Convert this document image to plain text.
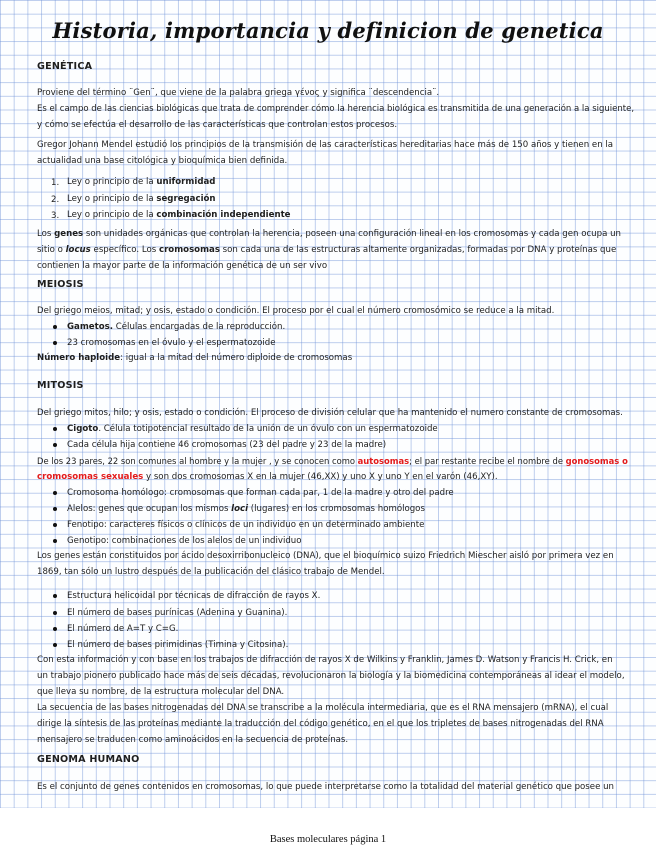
Historia, importancia y definicion de genetica
GENÉTICA
Proviene del término ¨Gen¨, que viene de la palabra griega γένος y significa ¨descendencia¨.
Es el campo de las ciencias biológicas que trata de comprender cómo la herencia biológica es transmitida de una generación a la siguiente,
y cómo se efectúa el desarrollo de las características que controlan estos procesos.
Gregor Johann Mendel estudió los principios de la transmisión de las características hereditarias hace más de 150 años y tienen en la
actualidad una base citológica y bioquímica bien definida.
1. Ley o principio de la uniformidad
2. Ley o principio de la segregación
3. Ley o principio de la combinación independiente
Los genes son unidades orgánicas que controlan la herencia, poseen una configuración lineal en los cromosomas y cada gen ocupa un
sitio o locus específico. Los cromosomas son cada una de las estructuras altamente organizadas, formadas por DNA y proteínas que
contienen la mayor parte de la información genética de un ser vivo
MEIOSIS
Del griego meios, mitad; y osis, estado o condición. El proceso por el cual el número cromosómico se reduce a la mitad.
Gametos. Células encargadas de la reproducción.
23 cromosomas en el óvulo y el espermatozoide
Número haploide: igual a la mitad del número diploide de cromosomas
MITOSIS
Del griego mitos, hilo; y osis, estado o condición. El proceso de división celular que ha mantenido el numero constante de cromosomas.
Cigoto. Célula totipotencial resultado de la unión de un óvulo con un espermatozoide
Cada célula hija contiene 46 cromosomas (23 del padre y 23 de la madre)
De los 23 pares, 22 son comunes al hombre y la mujer , y se conocen como autosomas; el par restante recibe el nombre de gonosomas o
cromosomas sexuales y son dos cromosomas X en la mujer (46,XX) y uno X y uno Y en el varón (46,XY).
Cromosoma homólogo: cromosomas que forman cada par, 1 de la madre y otro del padre
Alelos: genes que ocupan los mismos loci (lugares) en los cromosomas homólogos
Fenotipo: caracteres físicos o clínicos de un individuo en un determinado ambiente
Genotipo: combinaciones de los alelos de un individuo
Los genes están constituidos por ácido desoxirribonucleico (DNA), que el bioquímico suizo Friedrich Miescher aisló por primera vez en
1869, tan sólo un lustro después de la publicación del clásico trabajo de Mendel.
Estructura helicoidal por técnicas de difracción de rayos X.
El número de bases purínicas (Adenina y Guanina).
El número de A=T y C=G.
El número de bases pirimidinas (Timina y Citosina).
Con esta información y con base en los trabajos de difracción de rayos X de Wilkins y Franklin, James D. Watson y Francis H. Crick, en
un trabajo pionero publicado hace más de seis décadas, revolucionaron la biología y la biomedicina contemporáneas al idear el modelo,
que lleva su nombre, de la estructura molecular del DNA.
La secuencia de las bases nitrogenadas del DNA se transcribe a la molécula intermediaria, que es el RNA mensajero (mRNA), el cual
dirige la síntesis de las proteínas mediante la traducción del código genético, en el que los tripletes de bases nitrogenadas del RNA
mensajero se traducen como aminoácidos en la secuencia de proteínas.
GENOMA HUMANO
Es el conjunto de genes contenidos en cromosomas, lo que puede interpretarse como la totalidad del material genético que posee un
Bases moleculares página 1
